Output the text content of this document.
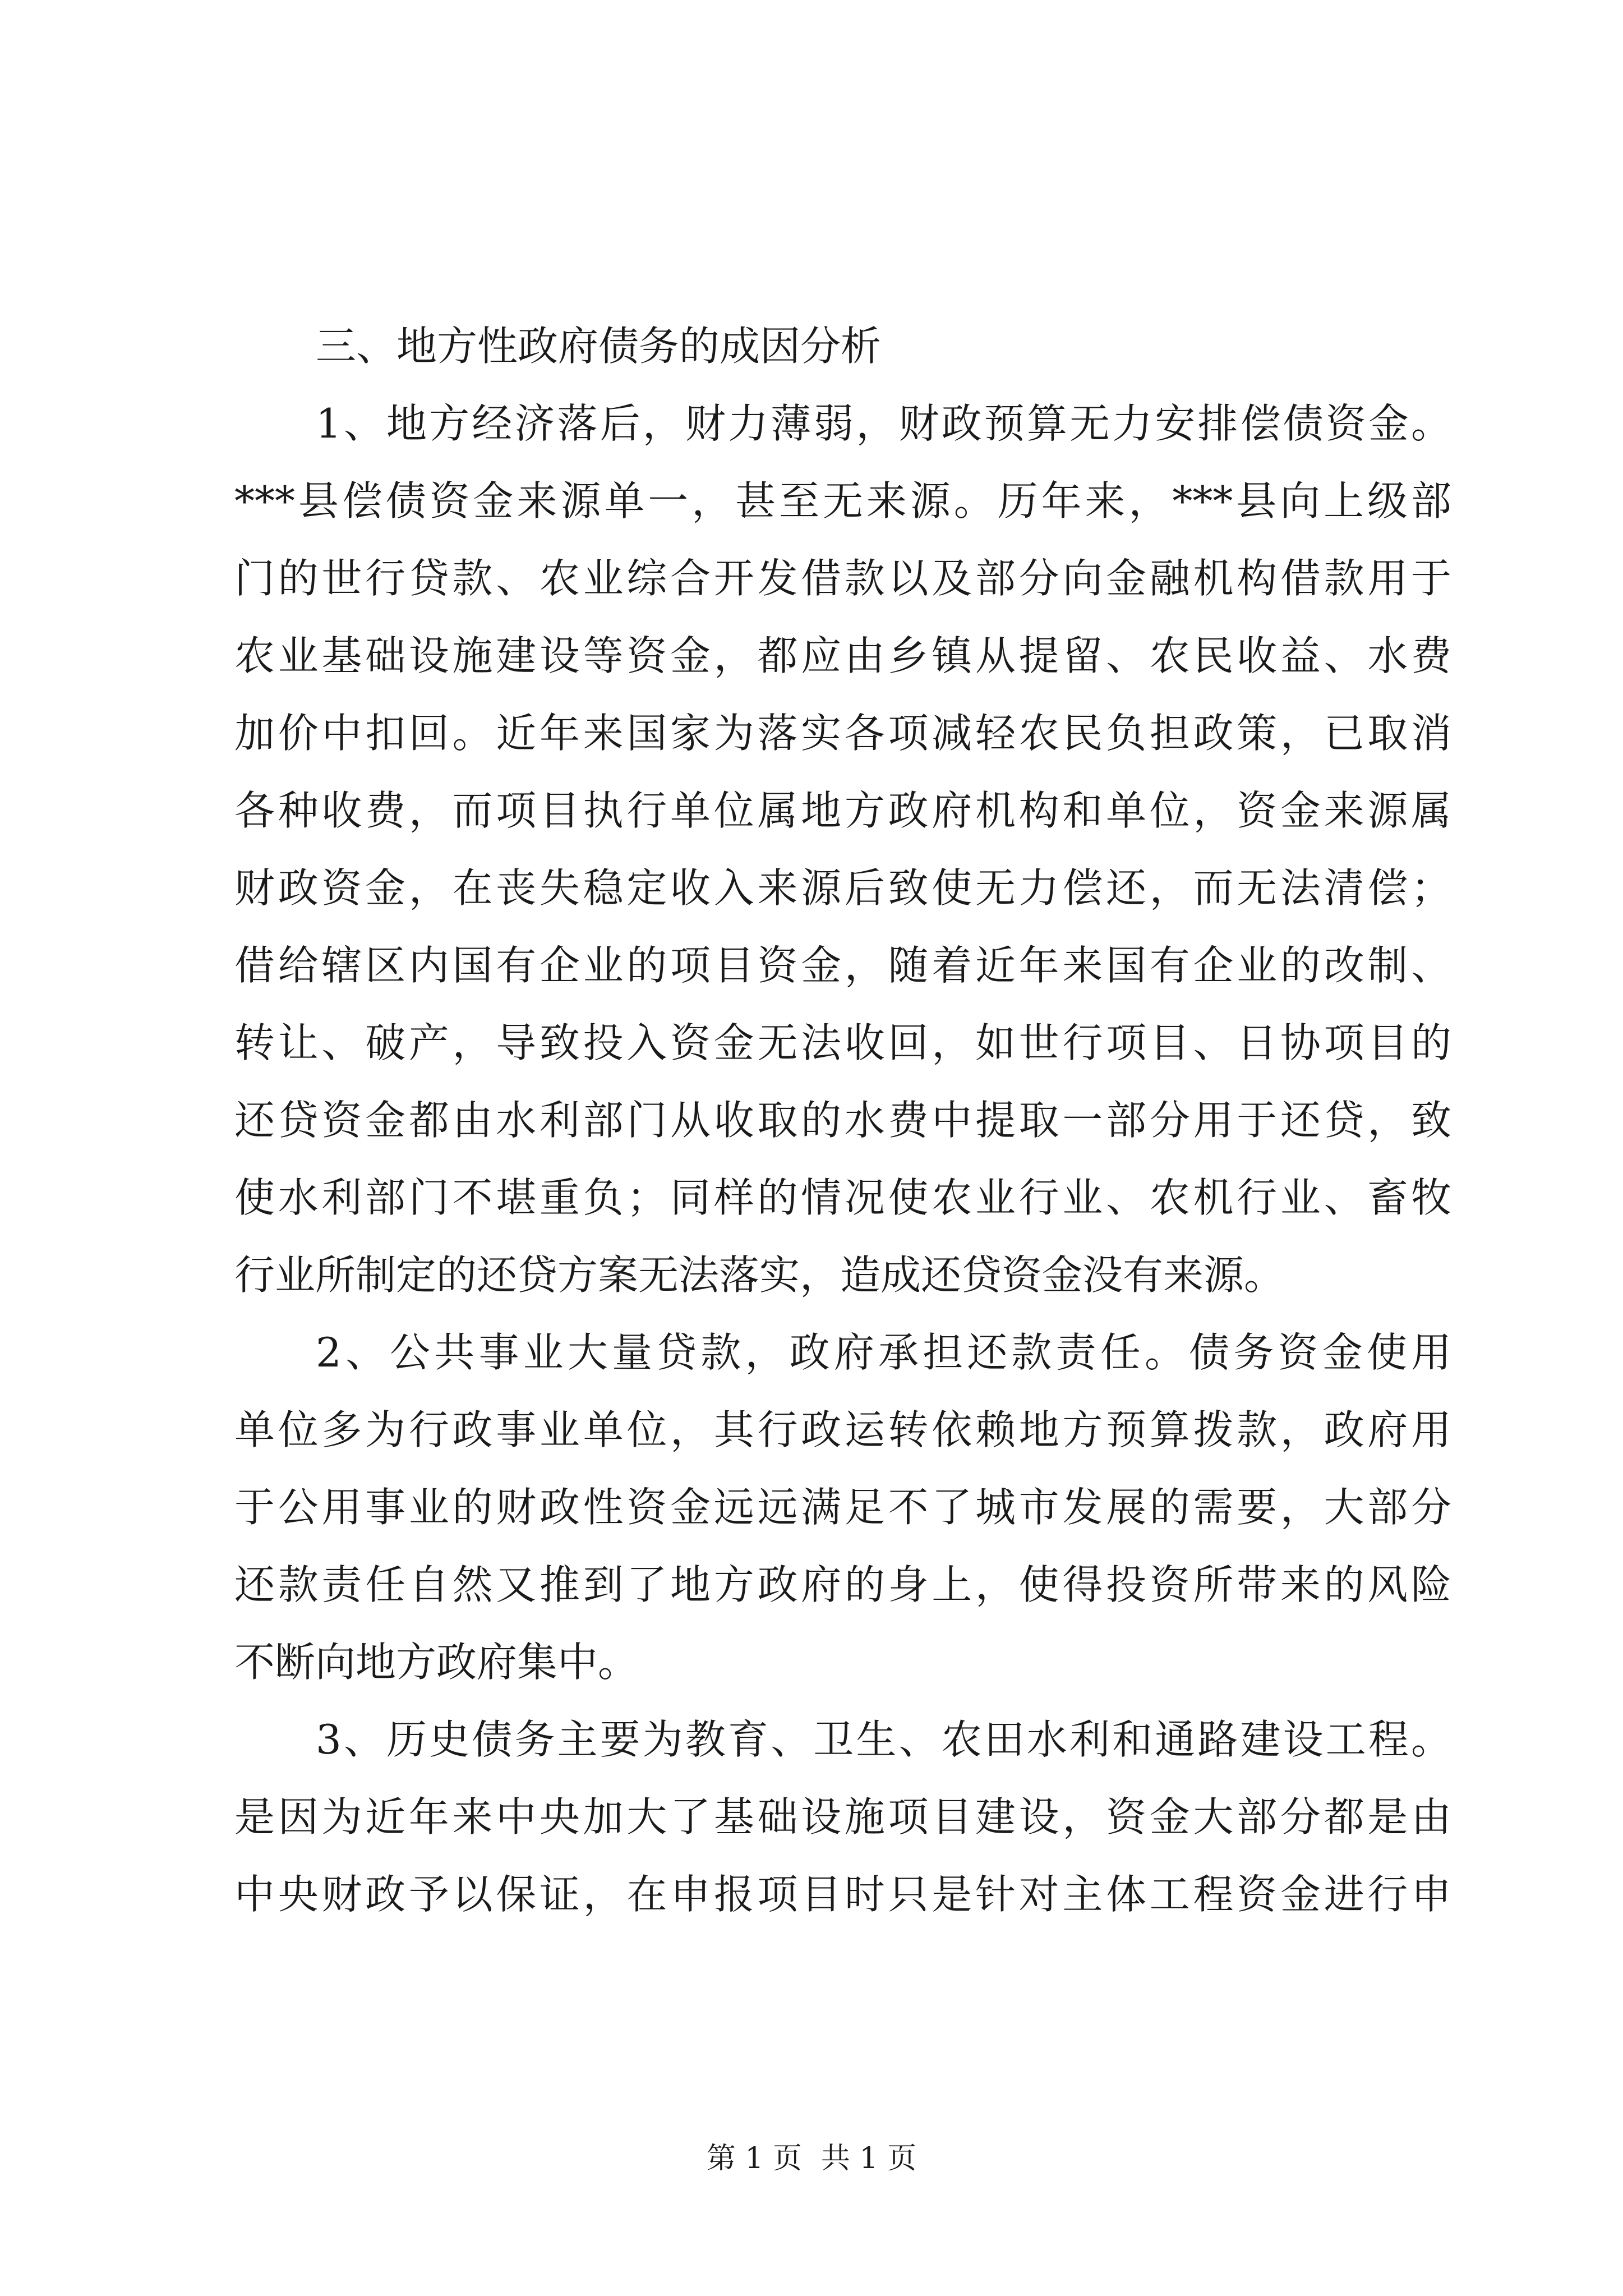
三、地方性政府债务的成因分析
1、地方经济落后，财力薄弱，财政预算无力安排偿债资金。
***县偿债资金来源单一，甚至无来源。历年来，***县向上级部
门的世行贷款、农业综合开发借款以及部分向金融机构借款用于
农业基础设施建设等资金，都应由乡镇从提留、农民收益、水费
加价中扣回。近年来国家为落实各项减轻农民负担政策，已取消
各种收费，而项目执行单位属地方政府机构和单位，资金来源属
财政资金，在丧失稳定收入来源后致使无力偿还，而无法清偿；
借给辖区内国有企业的项目资金，随着近年来国有企业的改制、
转让、破产，导致投入资金无法收回，如世行项目、日协项目的
还贷资金都由水利部门从收取的水费中提取一部分用于还贷，致
使水利部门不堪重负；同样的情况使农业行业、农机行业、畜牧
行业所制定的还贷方案无法落实，造成还贷资金没有来源。
2、公共事业大量贷款，政府承担还款责任。债务资金使用
单位多为行政事业单位，其行政运转依赖地方预算拨款，政府用
于公用事业的财政性资金远远满足不了城市发展的需要，大部分
还款责任自然又推到了地方政府的身上，使得投资所带来的风险
不断向地方政府集中。
3、历史债务主要为教育、卫生、农田水利和通路建设工程。
是因为近年来中央加大了基础设施项目建设，资金大部分都是由
中央财政予以保证，在申报项目时只是针对主体工程资金进行申
第 1 页 共 1 页
